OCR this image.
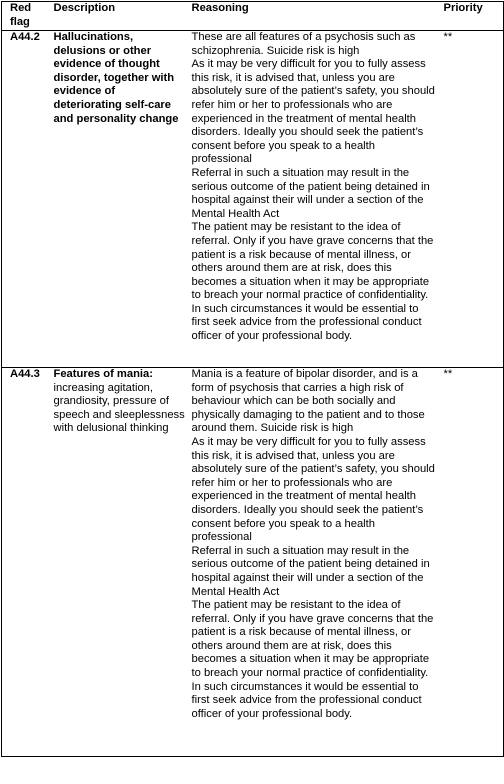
Red flag	Description	Reasoning	Priority
A44.2	Hallucinations, delusions or other evidence of thought disorder, together with evidence of deteriorating self-care and personality change	These are all features of a psychosis such as schizophrenia. Suicide risk is high

As it may be very difficult for you to fully assess this risk, it is advised that, unless you are absolutely sure of the patient’s safety, you should refer him or her to professionals who are experienced in the treatment of mental health disorders. Ideally you should seek the patient’s consent before you speak to a health professional

Referral in such a situation may result in the serious outcome of the patient being detained in hospital against their will under a section of the Mental Health Act

The patient may be resistant to the idea of referral. Only if you have grave concerns that the patient is a risk because of mental illness, or others around them are at risk, does this becomes a situation when it may be appropriate to breach your normal practice of confidentiality. In such circumstances it would be essential to first seek advice from the professional conduct officer of your professional body.	**
A44.3	Features of mania: increasing agitation, grandiosity, pressure of speech and sleeplessness with delusional thinking	Mania is a feature of bipolar disorder, and is a form of psychosis that carries a high risk of behaviour which can be both socially and physically damaging to the patient and to those around them. Suicide risk is high

As it may be very difficult for you to fully assess this risk, it is advised that, unless you are absolutely sure of the patient’s safety, you should refer him or her to professionals who are experienced in the treatment of mental health disorders. Ideally you should seek the patient’s consent before you speak to a health professional

Referral in such a situation may result in the serious outcome of the patient being detained in hospital against their will under a section of the Mental Health Act

The patient may be resistant to the idea of referral. Only if you have grave concerns that the patient is a risk because of mental illness, or others around them are at risk, does this becomes a situation when it may be appropriate to breach your normal practice of confidentiality. In such circumstances it would be essential to first seek advice from the professional conduct officer of your professional body.	**
